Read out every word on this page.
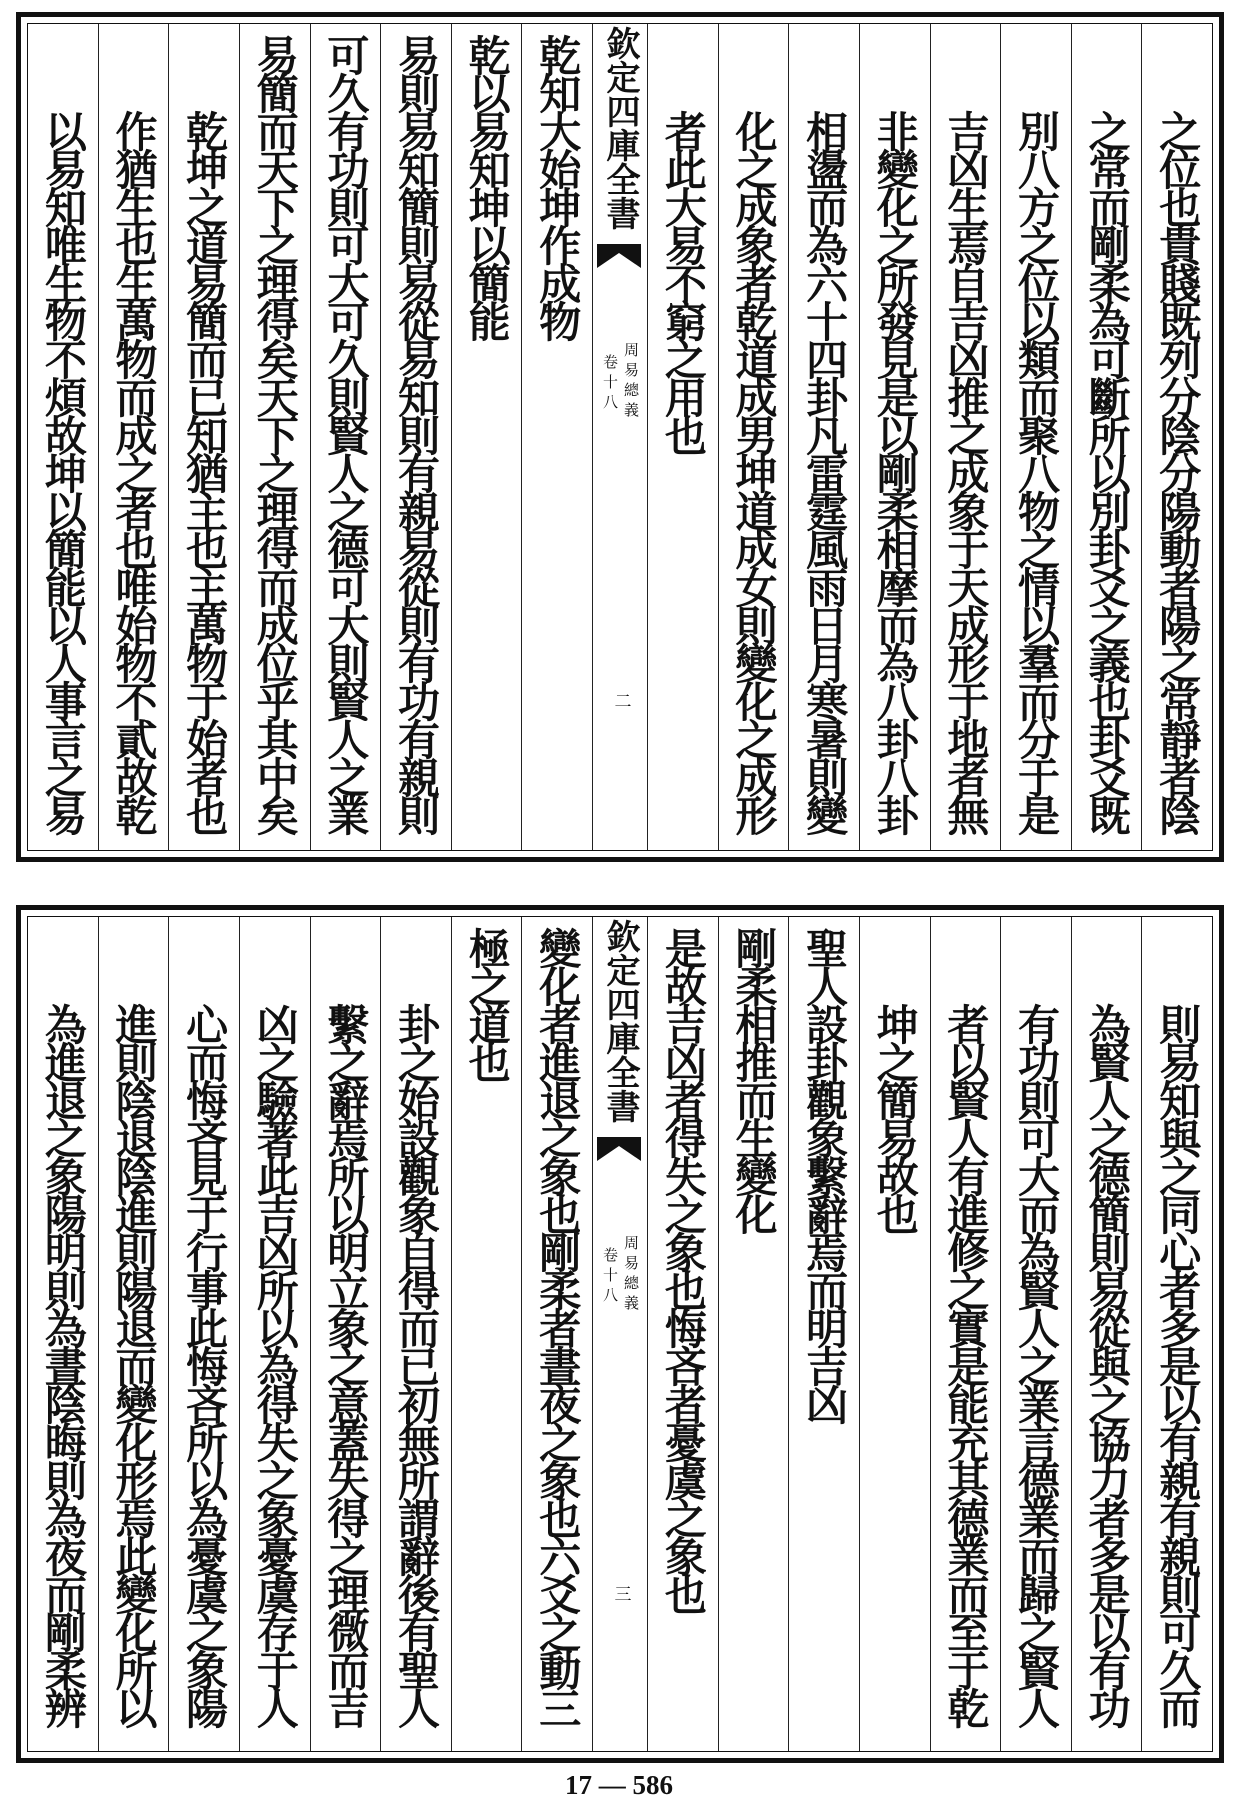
之位也貴賤既列分陰分陽動者陽之常靜者陰
之常而剛柔為可斷所以別卦爻之義也卦爻既
別八方之位以類而聚八物之情以羣而分于是
吉凶生焉自吉凶推之成象于天成形于地者無
非變化之所發見是以剛柔相摩而為八卦八卦
相盪而為六十四卦凡雷霆風雨日月寒暑則變
化之成象者乾道成男坤道成女則變化之成形
者此大易不窮之用也
欽定四庫全書
周易總義
卷十八
二
乾知大始坤作成物
乾以易知坤以簡能
易則易知簡則易從易知則有親易從則有功有親則
可久有功則可大可久則賢人之德可大則賢人之業
易簡而天下之理得矣天下之理得而成位乎其中矣
乾坤之道易簡而已知猶主也主萬物于始者也
作猶生也生萬物而成之者也唯始物不貳故乾
以易知唯生物不煩故坤以簡能以人事言之易
則易知與之同心者多是以有親有親則可久而
為賢人之德簡則易從與之協力者多是以有功
有功則可大而為賢人之業言德業而歸之賢人
者以賢人有進修之實是能充其德業而至于乾
坤之簡易故也
聖人設卦觀象繫辭焉而明吉凶
剛柔相推而生變化
是故吉凶者得失之象也悔吝者憂虞之象也
欽定四庫全書
周易總義
卷十八
三
變化者進退之象也剛柔者晝夜之象也六爻之動三
極之道也
卦之始設觀象自得而已初無所謂辭後有聖人
繫之辭焉所以明立象之意蓋失得之理微而吉
凶之驗著此吉凶所以為得失之象憂虞存于人
心而悔吝見于行事此悔吝所以為憂虞之象陽
進則陰退陰進則陽退而變化形焉此變化所以
為進退之象陽明則為晝陰晦則為夜而剛柔辨
17 — 586
